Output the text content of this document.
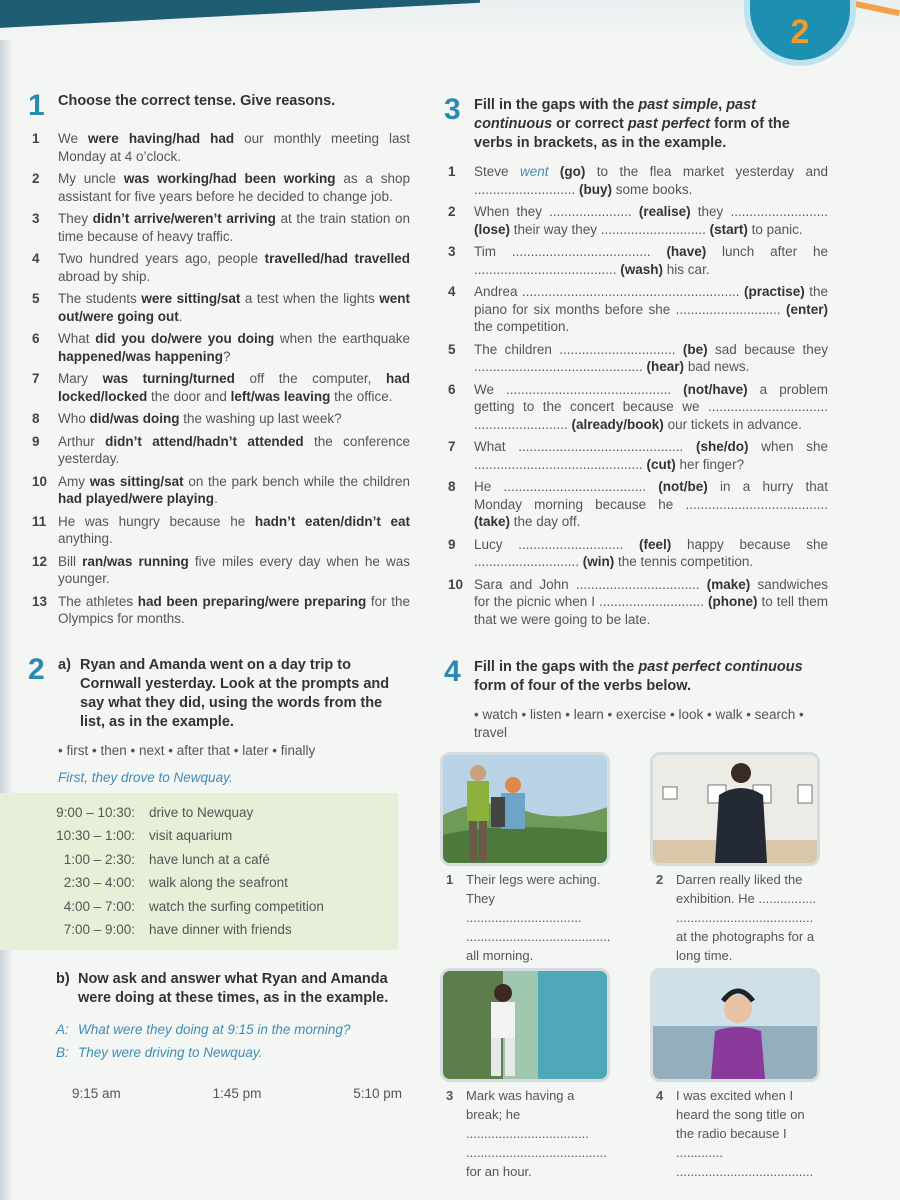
2
1 Choose the correct tense. Give reasons.
1	We were having/had had our monthly meeting last Monday at 4 o’clock.
2	My uncle was working/had been working as a shop assistant for five years before he decided to change job.
3	They didn’t arrive/weren’t arriving at the train station on time because of heavy traffic.
4	Two hundred years ago, people travelled/had travelled abroad by ship.
5	The students were sitting/sat a test when the lights went out/were going out.
6	What did you do/were you doing when the earthquake happened/was happening?
7	Mary was turning/turned off the computer, had locked/locked the door and left/was leaving the office.
8	Who did/was doing the washing up last week?
9	Arthur didn’t attend/hadn’t attended the conference yesterday.
10 Amy was sitting/sat on the park bench while the children had played/were playing.
11 He was hungry because he hadn’t eaten/didn’t eat anything.
12 Bill ran/was running five miles every day when he was younger.
13 The athletes had been preparing/were preparing for the Olympics for months.
2 a) Ryan and Amanda went on a day trip to Cornwall yesterday. Look at the prompts and say what they did, using the words from the list, as in the example.
• first • then • next • after that • later • finally
First, they drove to Newquay.
9:00 – 10:30:	drive to Newquay
10:30 – 1:00:	visit aquarium
1:00 – 2:30:	have lunch at a café
2:30 – 4:00:	walk along the seafront
4:00 – 7:00:	watch the surfing competition
7:00 – 9:00:	have dinner with friends
b) Now ask and answer what Ryan and Amanda were doing at these times, as in the example.
A: What were they doing at 9:15 in the morning?
B: They were driving to Newquay.
9:15 am	1:45 pm	5:10 pm
3 Fill in the gaps with the past simple, past continuous or correct past perfect form of the verbs in brackets, as in the example.
1	Steve went (go) to the flea market yesterday and ........................... (buy) some books.
2	When they ...................... (realise) they .......................... (lose) their way they ............................ (start) to panic.
3	Tim ..................................... (have) lunch after he ...................................... (wash) his car.
4	Andrea .......................................................... (practise) the piano for six months before she ............................ (enter) the competition.
5	The children ............................... (be) sad because they ............................................. (hear) bad news.
6	We ............................................ (not/have) a problem getting to the concert because we ................................ ......................... (already/book) our tickets in advance.
7	What ............................................ (she/do) when she ............................................. (cut) her finger?
8	He ...................................... (not/be) in a hurry that Monday morning because he ...................................... (take) the day off.
9	Lucy ............................ (feel) happy because she ............................ (win) the tennis competition.
10 Sara and John ................................. (make) sandwiches for the picnic when I ............................ (phone) to tell them that we were going to be late.
4 Fill in the gaps with the past perfect continuous form of four of the verbs below.
• watch • listen • learn • exercise • look • walk • search • travel
1 Their legs were aching. They ................................ ........................................ all morning.
2 Darren really liked the exhibition. He ................ ...................................... at the photographs for a long time.
3 Mark was having a break; he .................................. ....................................... for an hour.
4 I was excited when I heard the song title on the radio because I ............. ......................................
